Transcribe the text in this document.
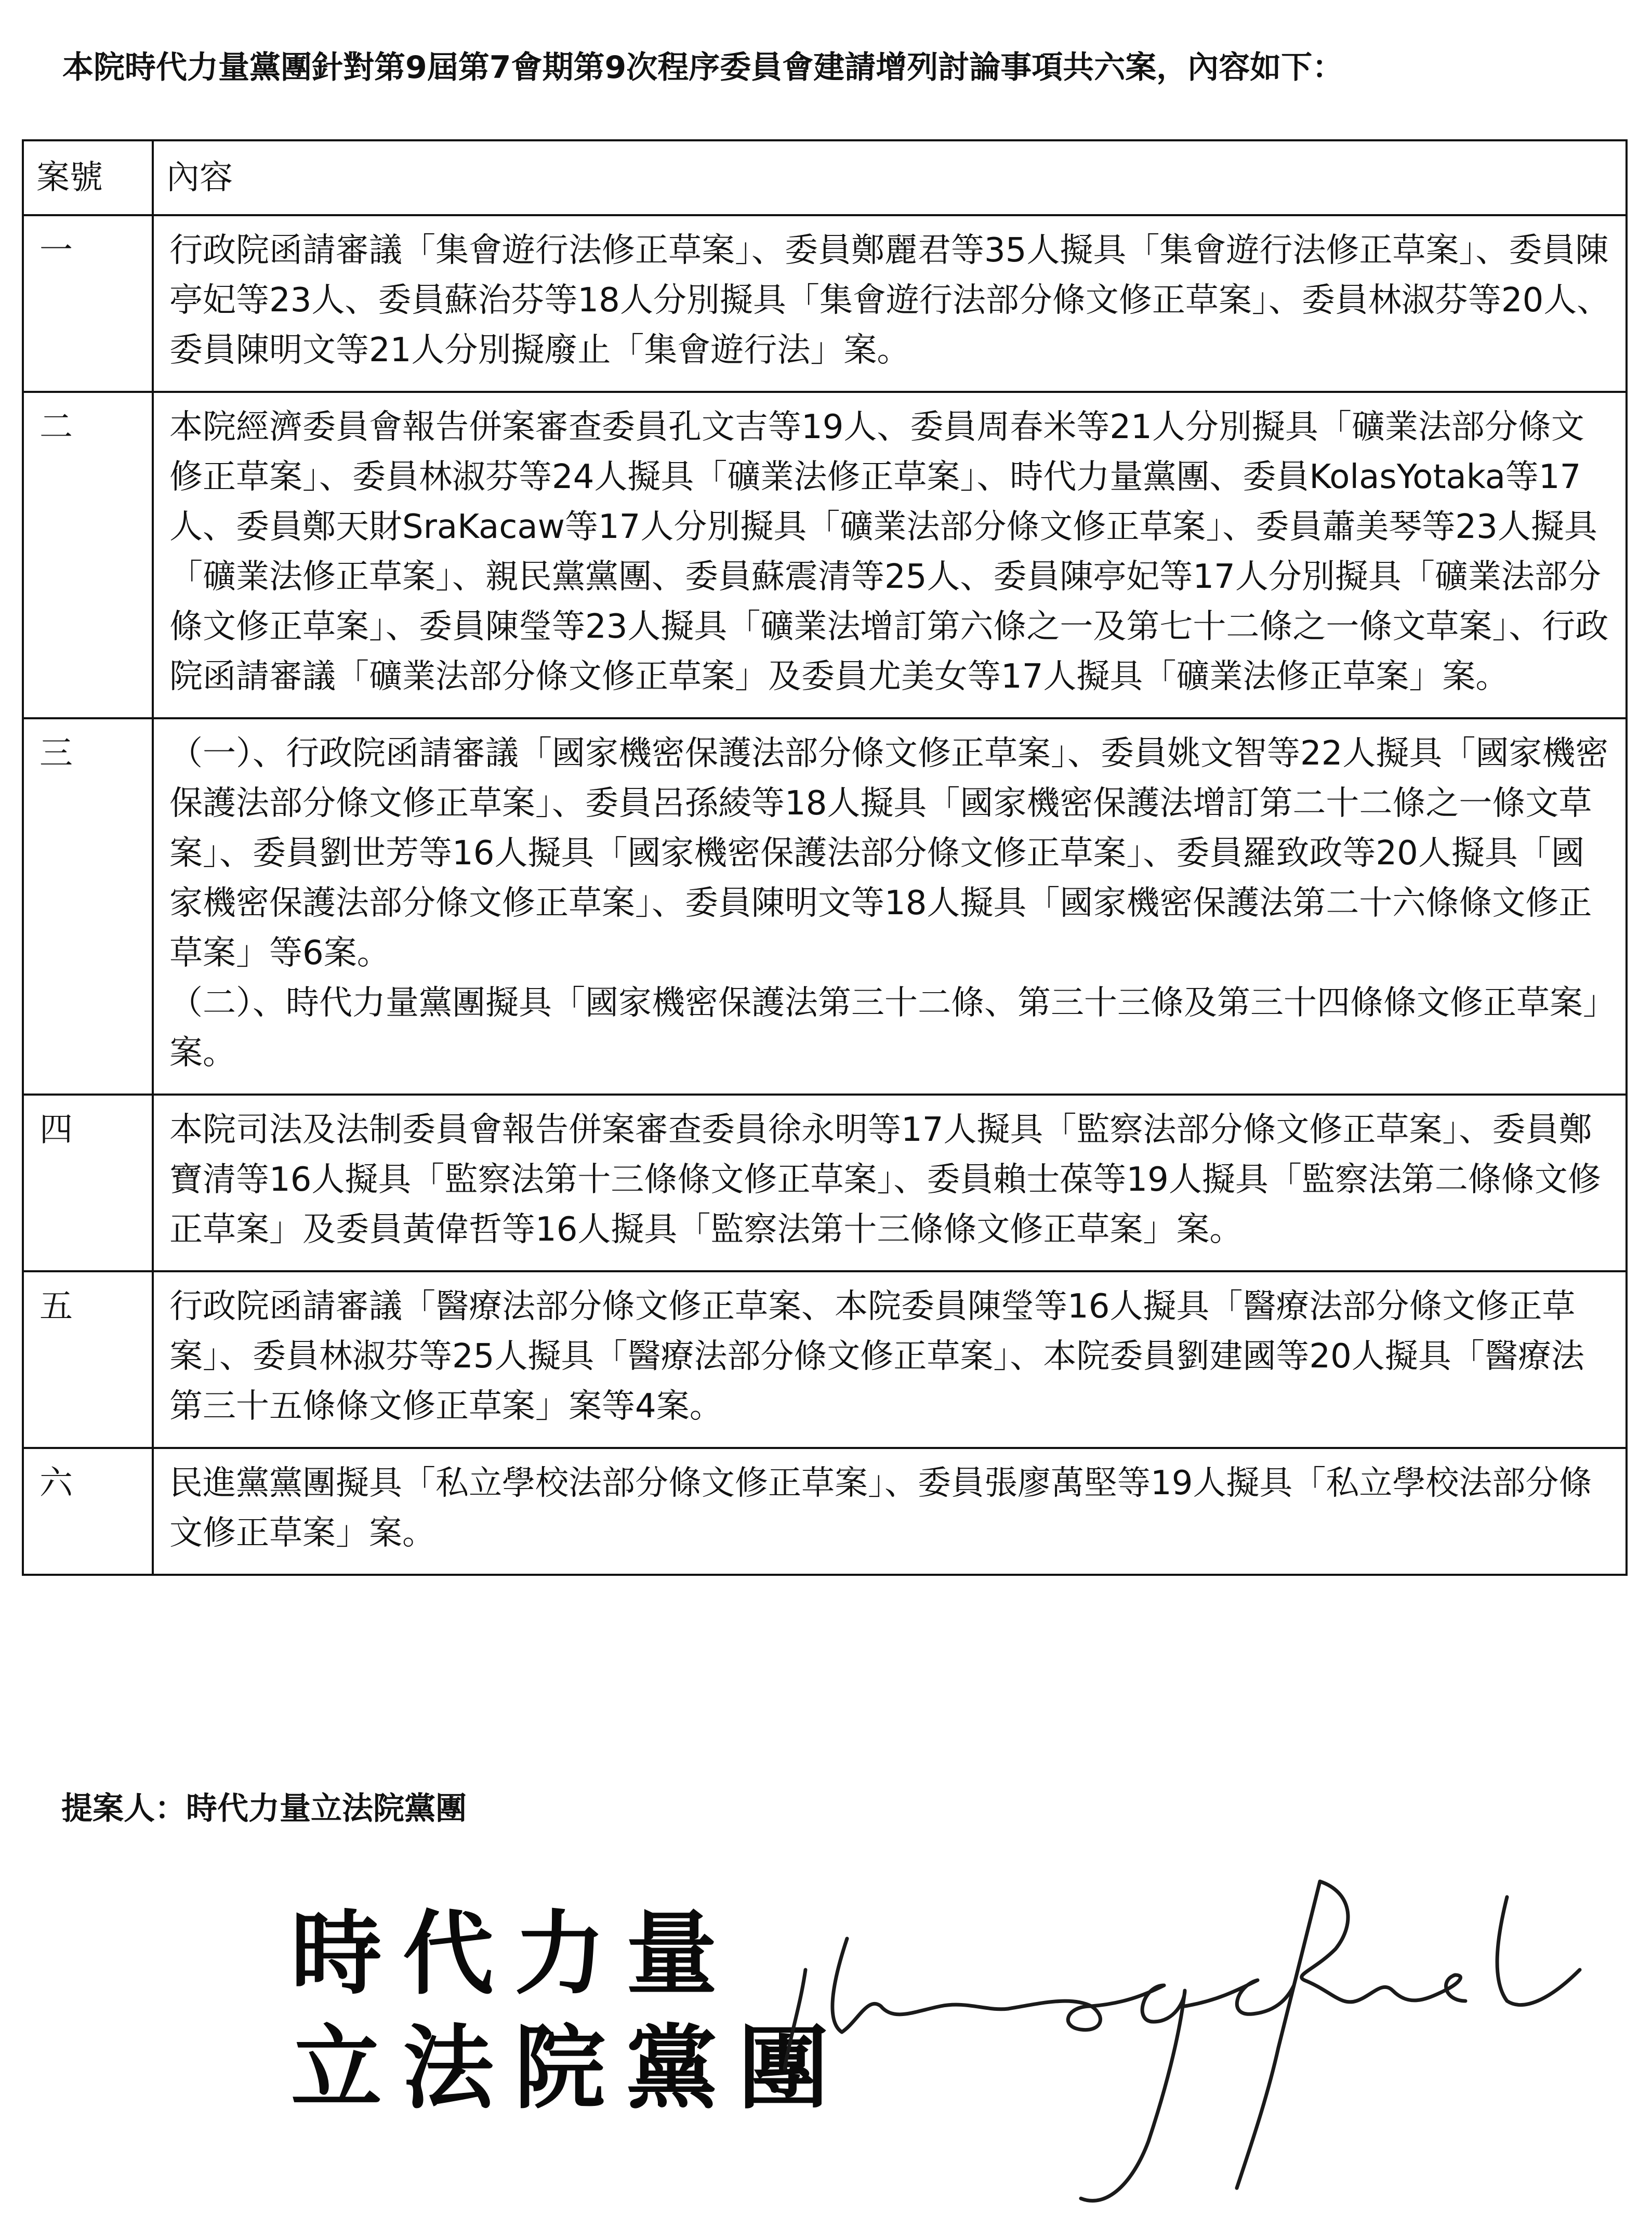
本院時代力量黨團針對第9屆第7會期第9次程序委員會建請增列討論事項共六案，內容如下：
案號	內容
一	行政院函請審議「集會遊行法修正草案」、委員鄭麗君等35人擬具「集會遊行法修正草案」、委員陳亭妃等23人、委員蘇治芬等18人分別擬具「集會遊行法部分條文修正草案」、委員林淑芬等20人、委員陳明文等21人分別擬廢止「集會遊行法」案。

二	本院經濟委員會報告併案審查委員孔文吉等19人、委員周春米等21人分別擬具「礦業法部分條文修正草案」、委員林淑芬等24人擬具「礦業法修正草案」、時代力量黨團、委員KolasYotaka等17人、委員鄭天財SraKacaw等17人分別擬具「礦業法部分條文修正草案」、委員蕭美琴等23人擬具「礦業法修正草案」、親民黨黨團、委員蘇震清等25人、委員陳亭妃等17人分別擬具「礦業法部分條文修正草案」、委員陳瑩等23人擬具「礦業法增訂第六條之一及第七十二條之一條文草案」、行政院函請審議「礦業法部分條文修正草案」及委員尤美女等17人擬具「礦業法修正草案」案。

三	（一）、行政院函請審議「國家機密保護法部分條文修正草案」、委員姚文智等22人擬具「國家機密保護法部分條文修正草案」、委員呂孫綾等18人擬具「國家機密保護法增訂第二十二條之一條文草案」、委員劉世芳等16人擬具「國家機密保護法部分條文修正草案」、委員羅致政等20人擬具「國家機密保護法部分條文修正草案」、委員陳明文等18人擬具「國家機密保護法第二十六條條文修正草案」等6案。

（二）、時代力量黨團擬具「國家機密保護法第三十二條、第三十三條及第三十四條條文修正草案」案。

四	本院司法及法制委員會報告併案審查委員徐永明等17人擬具「監察法部分條文修正草案」、委員鄭寶清等16人擬具「監察法第十三條條文修正草案」、委員賴士葆等19人擬具「監察法第二條條文修正草案」及委員黃偉哲等16人擬具「監察法第十三條條文修正草案」案。

五	行政院函請審議「醫療法部分條文修正草案、本院委員陳瑩等16人擬具「醫療法部分條文修正草案」、委員林淑芬等25人擬具「醫療法部分條文修正草案」、本院委員劉建國等20人擬具「醫療法第三十五條條文修正草案」案等4案。

六	民進黨黨團擬具「私立學校法部分條文修正草案」、委員張廖萬堅等19人擬具「私立學校法部分條文修正草案」案。

提案人：時代力量立法院黨團
時代力量
立法院黨團
